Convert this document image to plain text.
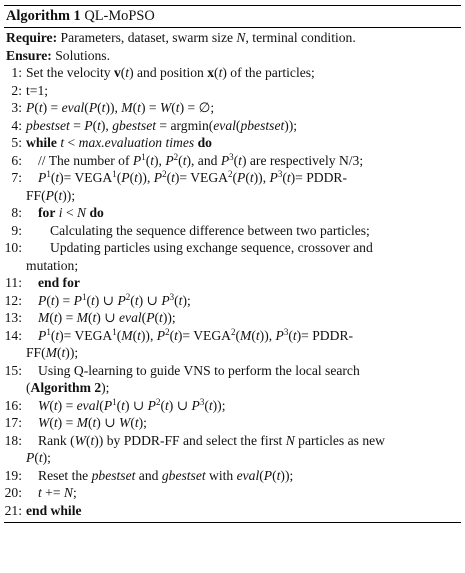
Algorithm 1 QL-MoPSO
Require: Parameters, dataset, swarm size N, terminal condition.
Ensure: Solutions.
1: Set the velocity v(t) and position x(t) of the particles;
2: t=1;
3: P(t) = eval(P(t)), M(t) = W(t) = ∅;
4: pbestset = P(t), gbestset = argmin(eval(pbestset));
5: while t < max.evaluation times do
6:	// The number of $P^1(t)$, $P^2(t)$, and $P^3(t)$ are respectively N/3;
7:	$P^1(t)=$ $VEGA^1(P(t))$, $P^2(t)=$ $VEGA^2(P(t))$, $P^3(t)=$ PDDR-
FF(P(t));
8:	for i < N do
9:	Calculating the sequence difference between two particles;
10:	Updating particles using exchange sequence, crossover and
mutation;
11:	end for
12:	$P(t) = P^1(t)$ ∪ $P^2(t)$ ∪ $P^3(t)$;
13:	M(t) = M(t) ∪ eval(P(t));
14:	$P^1(t)=$ $VEGA^1(M(t))$, $P^2(t)=$ $VEGA^2(M(t))$, $P^3(t)=$ PDDR-
FF(M(t));
15:	Using Q-learning to guide VNS to perform the local search
(Algorithm 2);
16:	$W(t) = eval(P^1(t)$ ∪ $P^2(t)$ ∪ $P^3(t)$);
17:	W(t) = M(t) ∪ W(t);
18:	Rank (W(t)) by PDDR-FF and select the first N particles as new
P(t);
19:	Reset the pbestset and gbestset with eval(P(t));
20:	t += N;
21: end while
